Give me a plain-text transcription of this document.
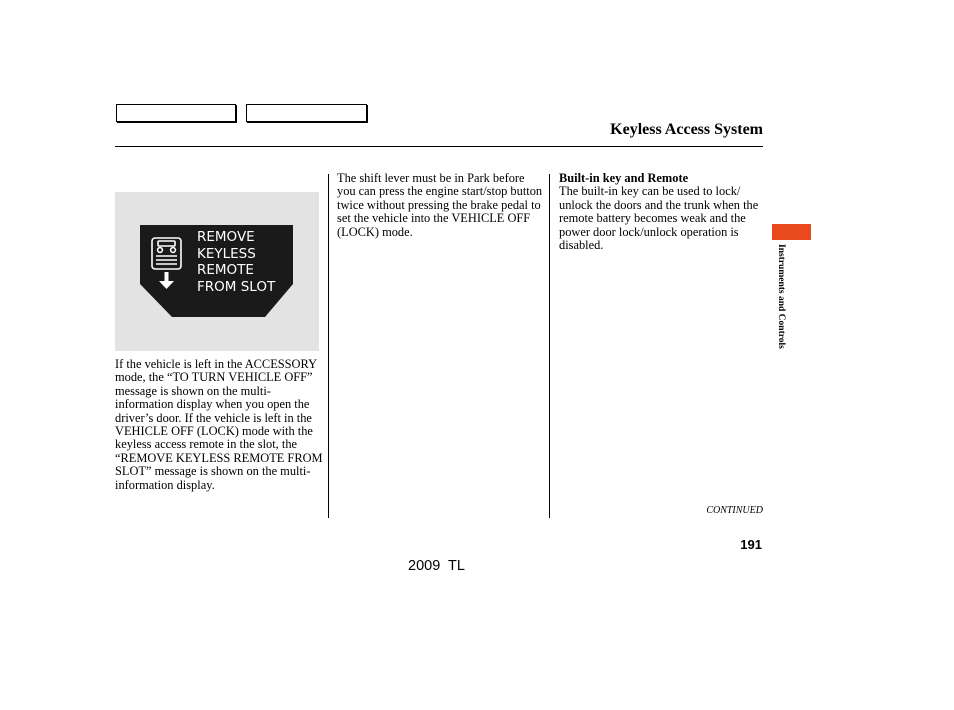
Keyless Access System
REMOVE
KEYLESS
REMOTE
FROM SLOT
If the vehicle is left in the ACCESSORY mode, the “TO TURN VEHICLE OFF” message is shown on the multi-information display when you open the driver’s door. If the vehicle is left in the VEHICLE OFF (LOCK) mode with the keyless access remote in the slot, the “REMOVE KEYLESS REMOTE FROM SLOT” message is shown on the multi-information display.
The shift lever must be in Park before you can press the engine start/stop button twice without pressing the brake pedal to set the vehicle into the VEHICLE OFF (LOCK) mode.
Built-in key and Remote
The built-in key can be used to lock/ unlock the doors and the trunk when the remote battery becomes weak and the power door lock/unlock operation is disabled.
CONTINUED
191
2009  TL
Instruments and Controls
